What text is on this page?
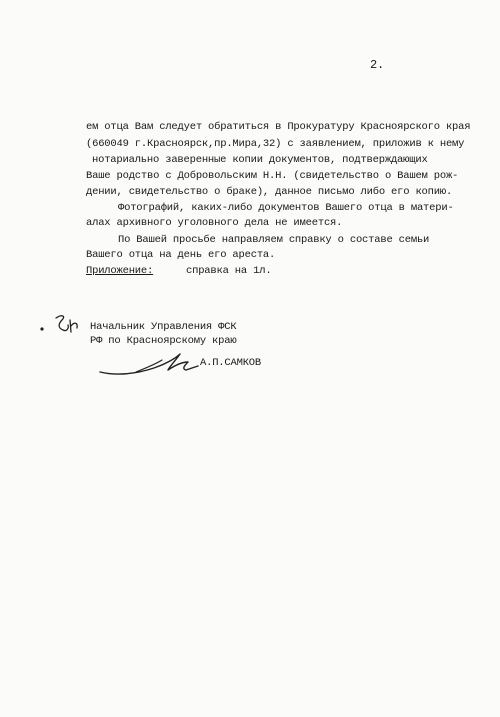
2.
ем отца Вам следует обратиться в Прокуратуру Красноярского края
(660049 г.Красноярск,пр.Мира,32) с заявлением, приложив к нему
нотариально заверенные копии документов, подтверждающих
Ваше родство с Добровольским Н.Н. (свидетельство о Вашем рож-
дении, свидетельство о браке), данное письмо либо его копию.
Фотографий, каких-либо документов Вашего отца в матери-
алах архивного уголовного дела не имеется.
По Вашей просьбе направляем справку о составе семьи
Вашего отца на день его ареста.
Приложение:	справка на 1л.
Начальник Управления ФСК
РФ по Красноярскому краю
А.П.САМКОВ
